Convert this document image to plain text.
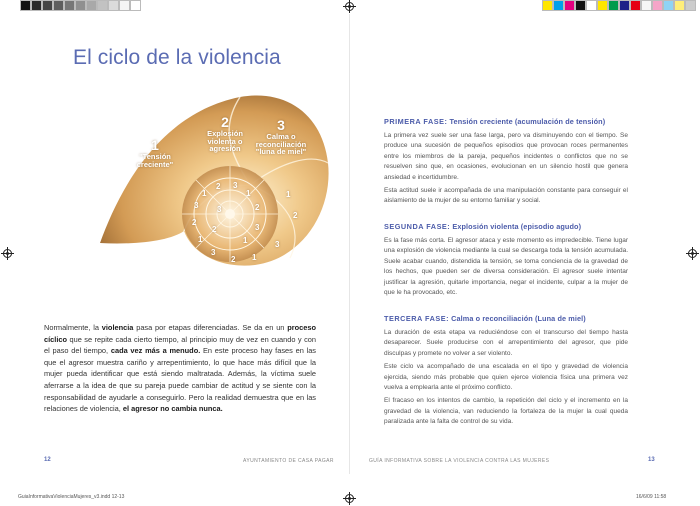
El ciclo de la violencia
1
"Tensión
creciente"
2
Explosión
violenta o
agresión
3
Calma o
reconciliación
"luna de miel"
1
2
3
1
2
3
1
2
3
1
2 3
1
2
3
1
2
3

Normalmente, la violencia pasa por etapas diferenciadas. Se da en un proceso cíclico que se repite cada cierto tiempo, al principio muy de vez en cuando y con el paso del tiempo, cada vez más a menudo. En este proceso hay fases en las que el agresor muestra cariño y arrepentimiento, lo que hace más difícil que la mujer pueda identificar que está siendo maltratada. Además, la víctima suele aferrarse a la idea de que su pareja puede cambiar de actitud y se siente con la responsabilidad de ayudarle a conseguirlo. Pero la realidad demuestra que en las relaciones de violencia, el agresor no cambia nunca.

12	AYUNTAMIENTO DE CASA PAGAR
PRIMERA FASE: Tensión creciente (acumulación de tensión)

La primera vez suele ser una fase larga, pero va disminuyendo con el tiempo. Se produce una sucesión de pequeños episodios que provocan roces permanentes entre los miembros de la pareja, pequeños incidentes o conflictos que no se resuelven sino que, en ocasiones, evolucionan en un silencio hostil que genera ansiedad e incertidumbre.

Esta actitud suele ir acompañada de una manipulación constante para conseguir el aislamiento de la mujer de su entorno familiar y social.

SEGUNDA FASE: Explosión violenta (episodio agudo)

Es la fase más corta. El agresor ataca y este momento es impredecible. Tiene lugar una explosión de violencia mediante la cual se descarga toda la tensión acumulada. Suele acabar cuando, distendida la tensión, se toma conciencia de la gravedad de los hechos, que pueden ser de diversa consideración. El agresor suele intentar justificar la agresión, quitarle importancia, negar el incidente, culpar a la mujer de que le ha provocado, etc.

TERCERA FASE: Calma o reconciliación (Luna de miel)

La duración de esta etapa va reduciéndose con el transcurso del tiempo hasta desaparecer. Suele producirse con el arrepentimiento del agresor, que pide disculpas y promete no volver a ser violento.

Este ciclo va acompañado de una escalada en el tipo y gravedad de violencia ejercida, siendo más probable que quien ejerce violencia física una primera vez vuelva a emplearla ante el próximo conflicto.

El fracaso en los intentos de cambio, la repetición del ciclo y el incremento en la gravedad de la violencia, van reduciendo la fortaleza de la mujer la cual queda paralizada ante la falta de control de su vida.

GUÍA INFORMATIVA SOBRE LA VIOLENCIA CONTRA LAS MUJERES	13
GuiaInformativaViolenciaMujeres_v3.indd 12-13	16/6/09 11:58
